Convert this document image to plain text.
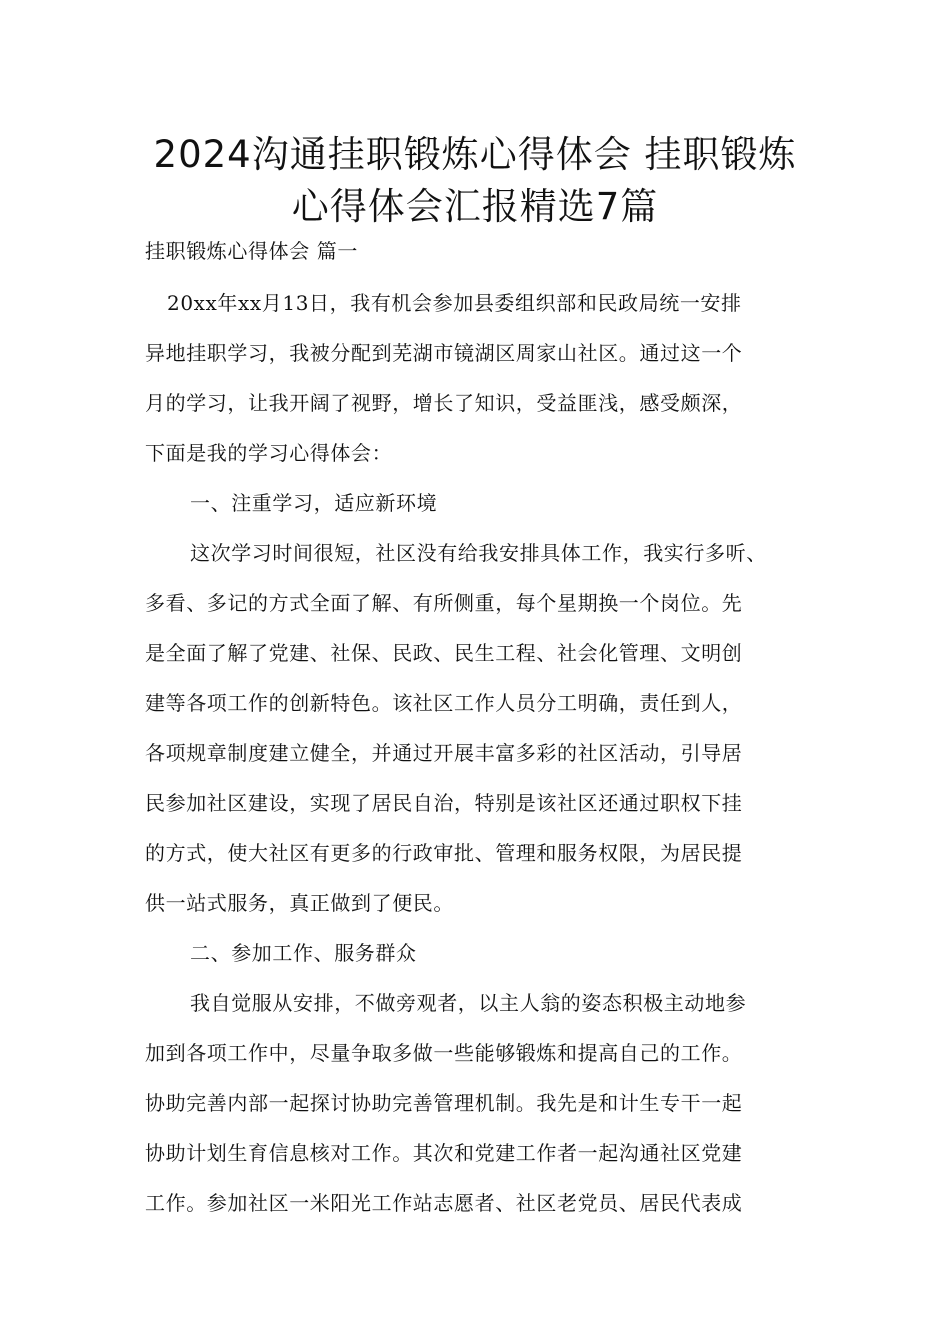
2024沟通挂职锻炼心得体会 挂职锻炼
心得体会汇报精选7篇
挂职锻炼心得体会 篇一
20xx年xx月13日，我有机会参加县委组织部和民政局统一安排
异地挂职学习，我被分配到芜湖市镜湖区周家山社区。通过这一个
月的学习，让我开阔了视野，增长了知识，受益匪浅，感受颇深，
下面是我的学习心得体会：
一、注重学习，适应新环境
这次学习时间很短，社区没有给我安排具体工作，我实行多听、
多看、多记的方式全面了解、有所侧重，每个星期换一个岗位。先
是全面了解了党建、社保、民政、民生工程、社会化管理、文明创
建等各项工作的创新特色。该社区工作人员分工明确，责任到人，
各项规章制度建立健全，并通过开展丰富多彩的社区活动，引导居
民参加社区建设，实现了居民自治，特别是该社区还通过职权下挂
的方式，使大社区有更多的行政审批、管理和服务权限，为居民提
供一站式服务，真正做到了便民。
二、参加工作、服务群众
我自觉服从安排，不做旁观者，以主人翁的姿态积极主动地参
加到各项工作中，尽量争取多做一些能够锻炼和提高自己的工作。
协助完善内部一起探讨协助完善管理机制。我先是和计生专干一起
协助计划生育信息核对工作。其次和党建工作者一起沟通社区党建
工作。参加社区一米阳光工作站志愿者、社区老党员、居民代表成
